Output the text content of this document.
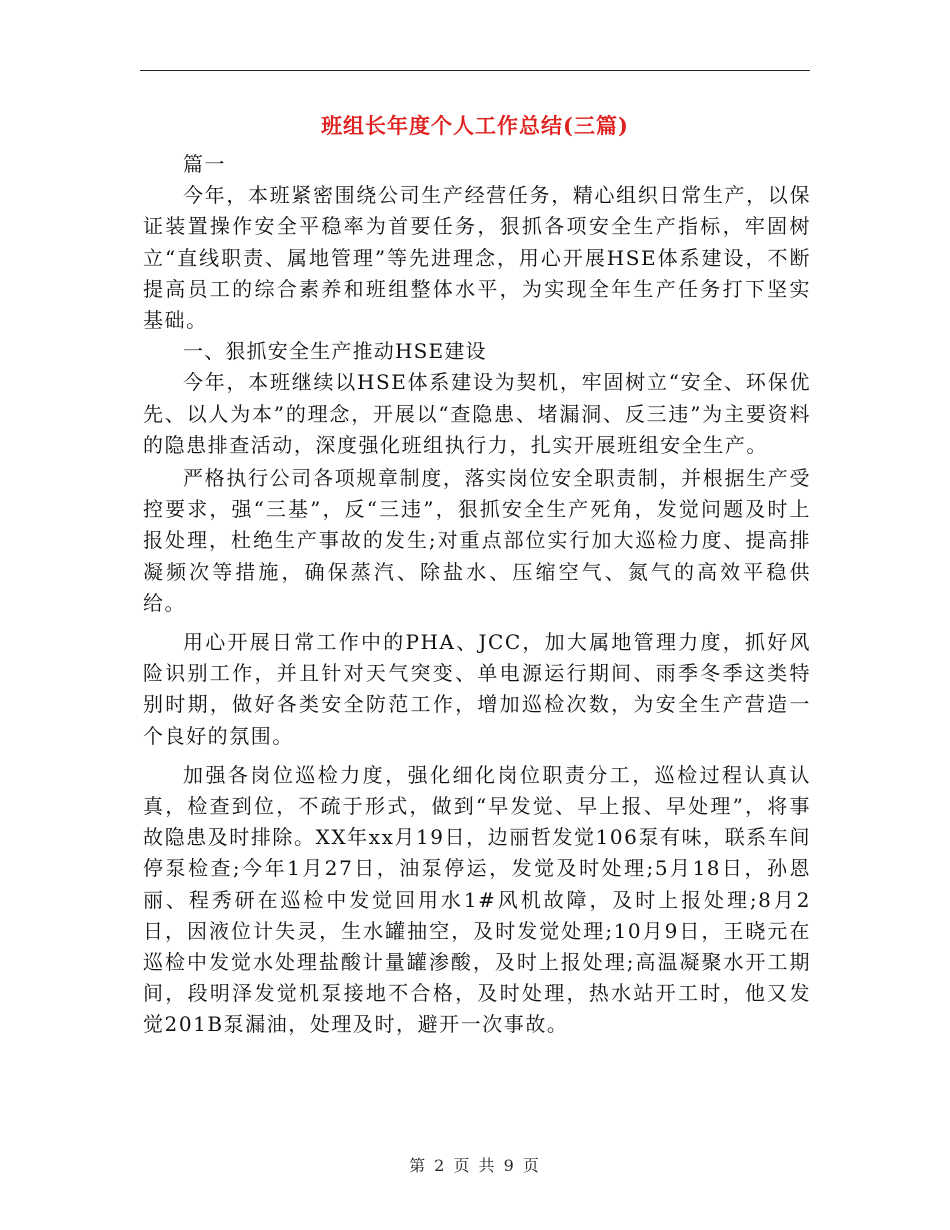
班组长年度个人工作总结(三篇)

篇一

今年，本班紧密围绕公司生产经营任务，精心组织日常生产，以保证装置操作安全平稳率为首要任务，狠抓各项安全生产指标，牢固树立“直线职责、属地管理”等先进理念，用心开展HSE体系建设，不断提高员工的综合素养和班组整体水平，为实现全年生产任务打下坚实基础。

一、狠抓安全生产推动HSE建设

今年，本班继续以HSE体系建设为契机，牢固树立“安全、环保优先、以人为本”的理念，开展以“查隐患、堵漏洞、反三违”为主要资料的隐患排查活动，深度强化班组执行力，扎实开展班组安全生产。

严格执行公司各项规章制度，落实岗位安全职责制，并根据生产受控要求，强“三基”，反“三违”，狠抓安全生产死角，发觉问题及时上报处理，杜绝生产事故的发生;对重点部位实行加大巡检力度、提高排凝频次等措施，确保蒸汽、除盐水、压缩空气、氮气的高效平稳供给。

用心开展日常工作中的PHA、JCC，加大属地管理力度，抓好风险识别工作，并且针对天气突变、单电源运行期间、雨季冬季这类特别时期，做好各类安全防范工作，增加巡检次数，为安全生产营造一个良好的氛围。

加强各岗位巡检力度，强化细化岗位职责分工，巡检过程认真认真，检查到位，不疏于形式，做到“早发觉、早上报、早处理”，将事故隐患及时排除。XX年xx月19日，边丽哲发觉106泵有味，联系车间停泵检查;今年1月27日，油泵停运，发觉及时处理;5月18日，孙恩丽、程秀研在巡检中发觉回用水1#风机故障，及时上报处理;8月2日，因液位计失灵，生水罐抽空，及时发觉处理;10月9日，王晓元在巡检中发觉水处理盐酸计量罐渗酸，及时上报处理;高温凝聚水开工期间，段明泽发觉机泵接地不合格，及时处理，热水站开工时，他又发觉201B泵漏油，处理及时，避开一次事故。

第 2 页 共 9 页
